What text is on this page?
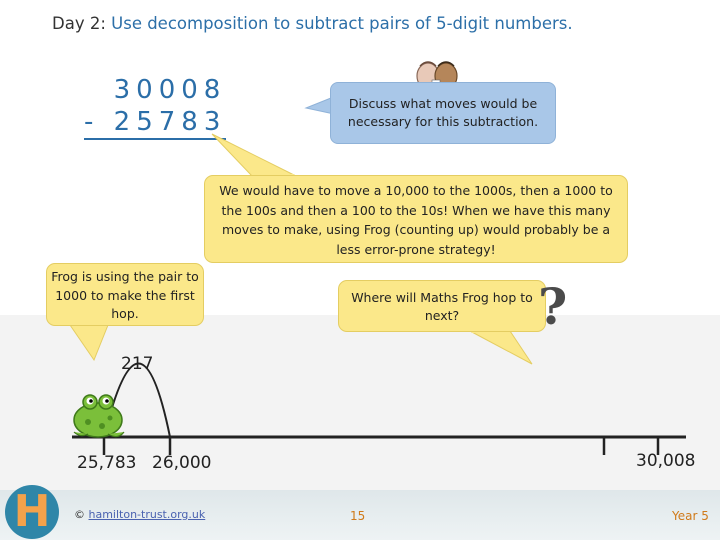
Day 2: Use decomposition to subtract pairs of 5-digit numbers.
30008
- 25783
Discuss what moves would be necessary for this subtraction.
We would have to move a 10,000 to the 1000s, then a 1000 to the 100s and then a 100 to the 10s! When we have this many moves to make, using Frog (counting up) would probably be a less error-prone strategy!
Frog is using the pair to 1000 to make the first hop.
Where will Maths Frog hop to next?	?
217
25,783 26,000	30,008
H	© hamilton-trust.org.uk	15	Year 5
